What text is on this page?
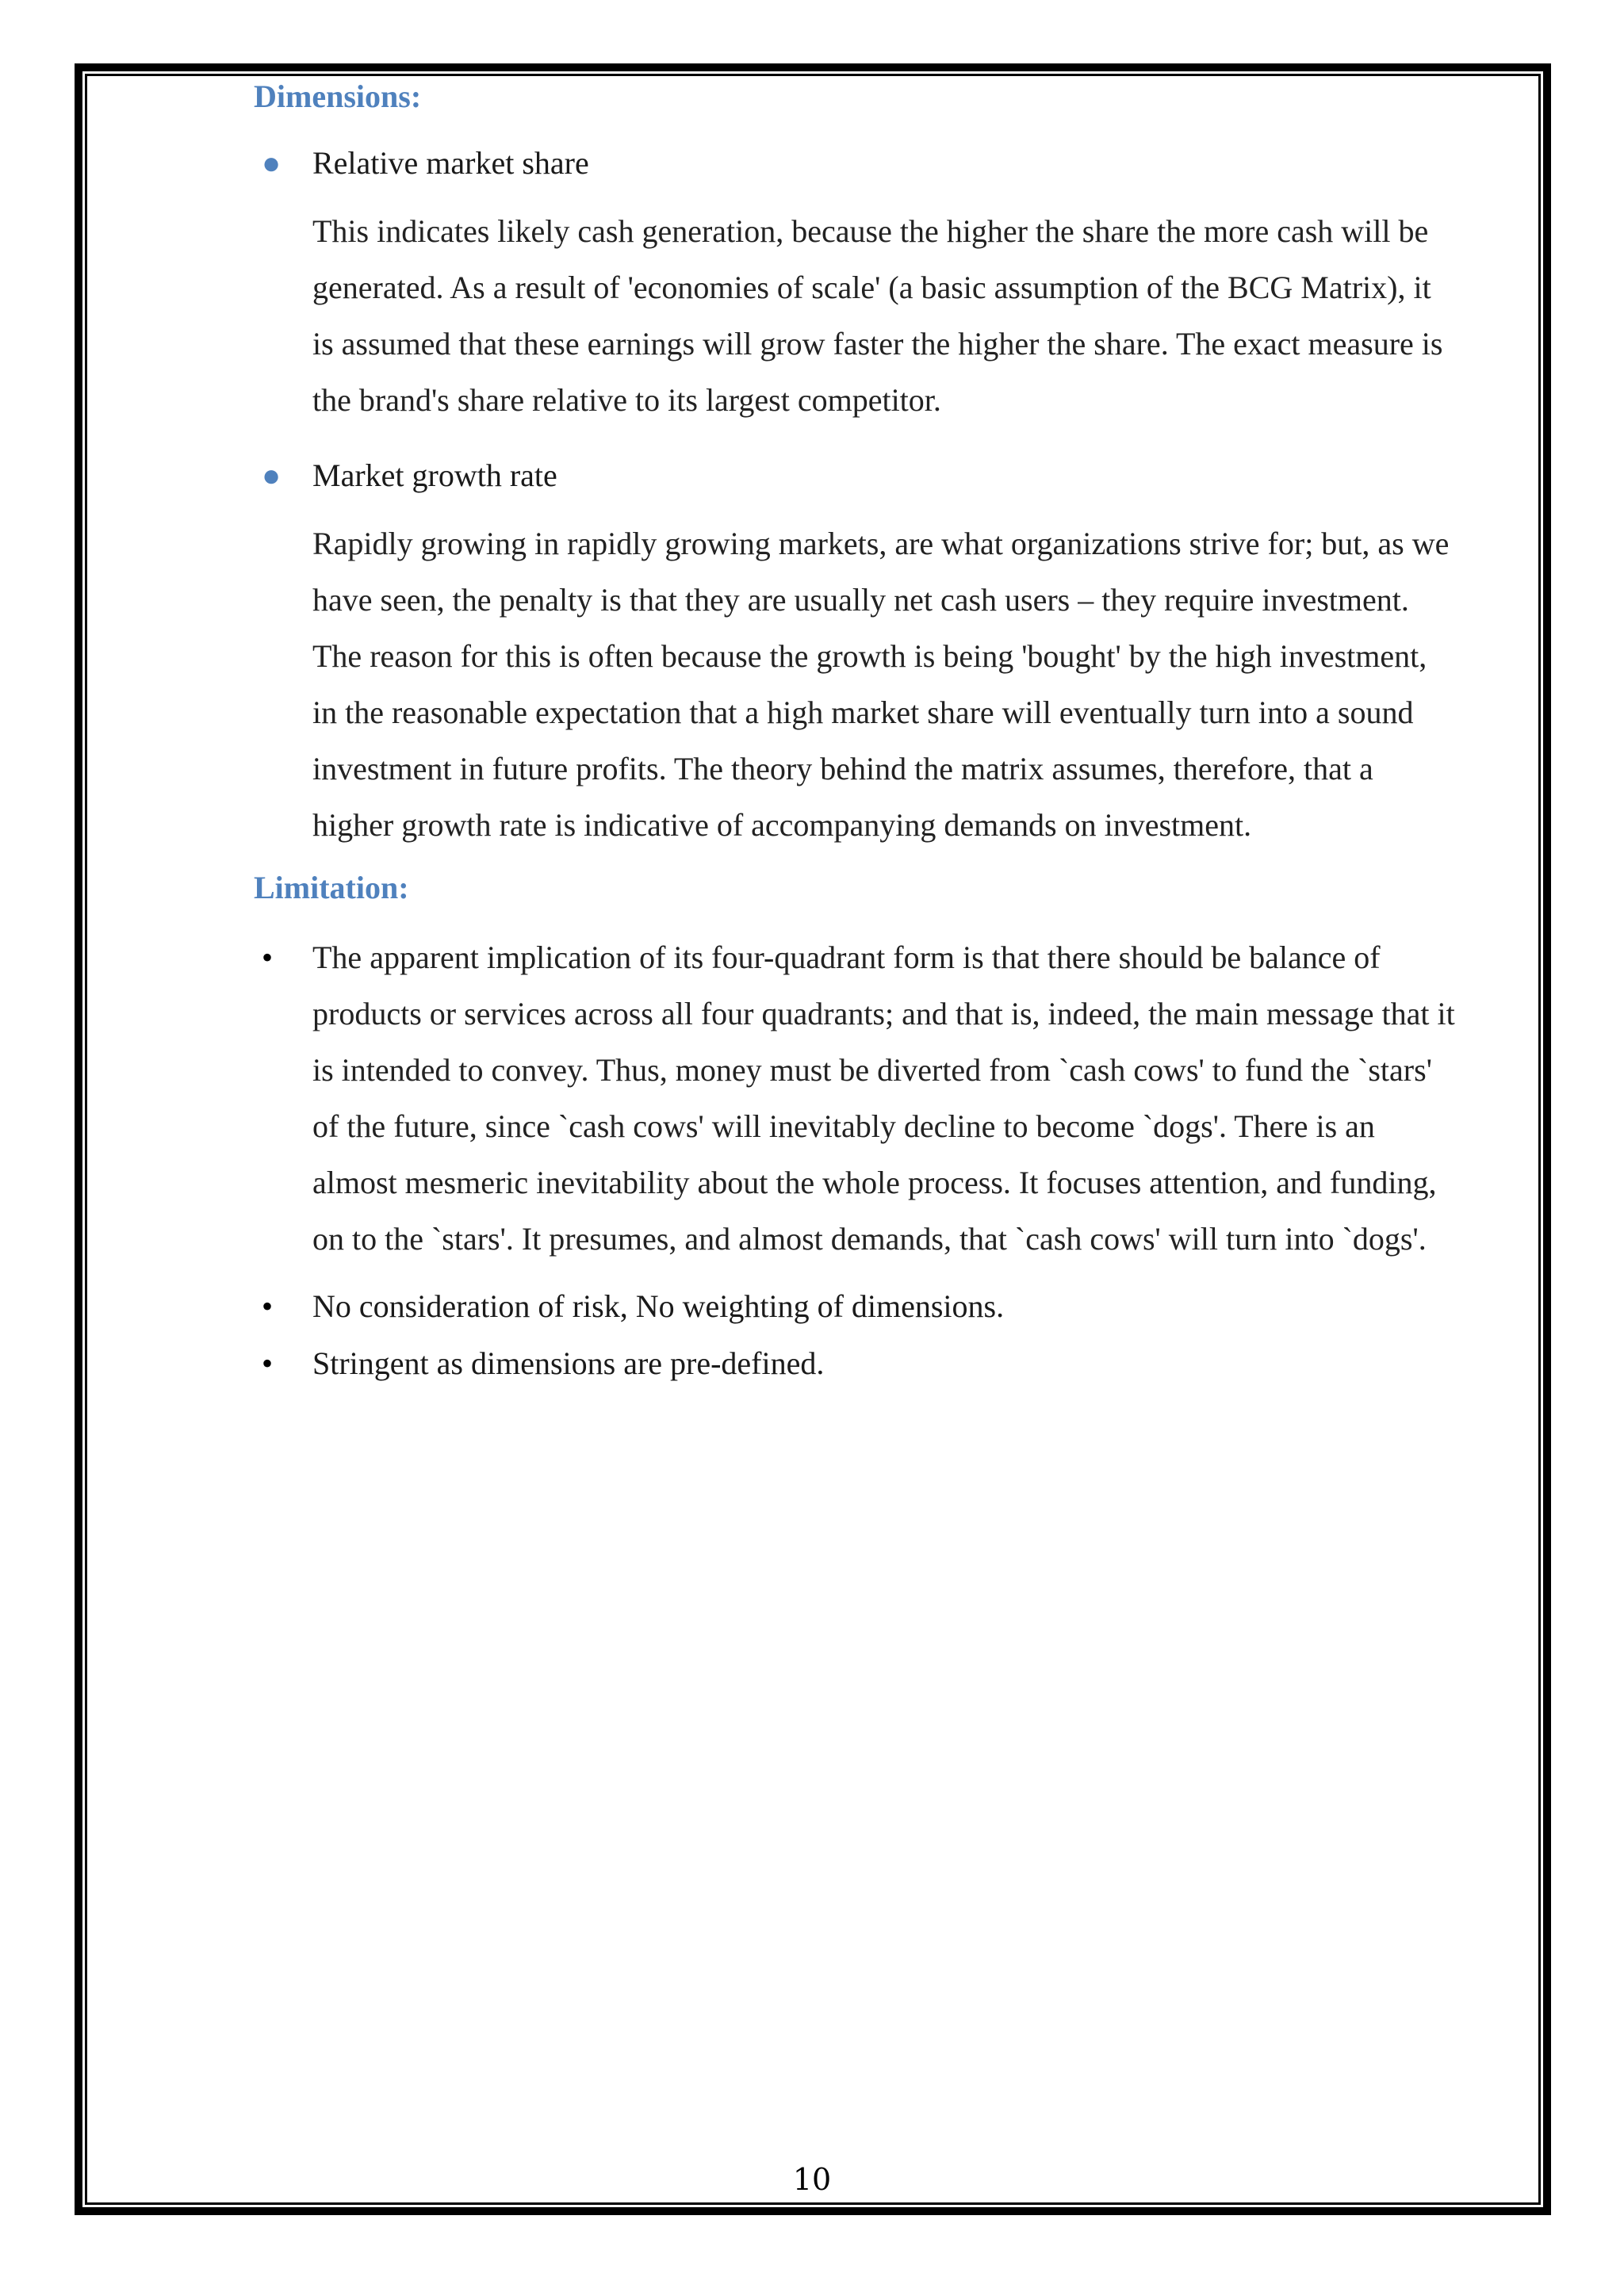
Dimensions:
● Relative market share

This indicates likely cash generation, because the higher the share the more cash will be generated. As a result of 'economies of scale' (a basic assumption of the BCG Matrix), it is assumed that these earnings will grow faster the higher the share. The exact measure is the brand's share relative to its largest competitor.

● Market growth rate

Rapidly growing in rapidly growing markets, are what organizations strive for; but, as we have seen, the penalty is that they are usually net cash users – they require investment. The reason for this is often because the growth is being 'bought' by the high investment, in the reasonable expectation that a high market share will eventually turn into a sound investment in future profits. The theory behind the matrix assumes, therefore, that a higher growth rate is indicative of accompanying demands on investment.

Limitation:
•	The apparent implication of its four-quadrant form is that there should be balance of products or services across all four quadrants; and that is, indeed, the main message that it is intended to convey. Thus, money must be diverted from `cash cows' to fund the `stars' of the future, since `cash cows' will inevitably decline to become `dogs'. There is an almost mesmeric inevitability about the whole process. It focuses attention, and funding, on to the `stars'. It presumes, and almost demands, that `cash cows' will turn into `dogs'.
•	No consideration of risk, No weighting of dimensions.
•	Stringent as dimensions are pre-defined.
10
